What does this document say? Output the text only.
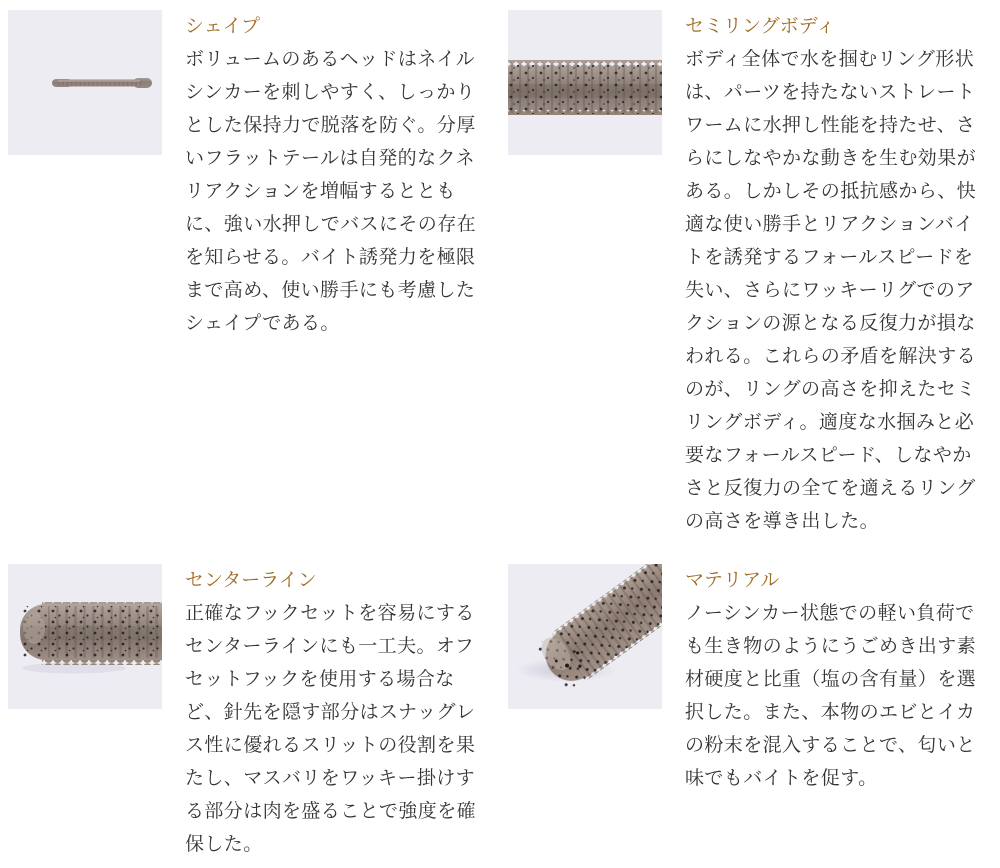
シェイプ

ボリュームのあるヘッドはネイルシンカーを刺しやすく、しっかりとした保持力で脱落を防ぐ。分厚いフラットテールは自発的なクネリアクションを増幅するとともに、強い水押しでバスにその存在を知らせる。バイト誘発力を極限まで高め、使い勝手にも考慮したシェイプである。

セミリングボディ

ボディ全体で水を掴むリング形状は、パーツを持たないストレートワームに水押し性能を持たせ、さらにしなやかな動きを生む効果がある。しかしその抵抗感から、快適な使い勝手とリアクションバイトを誘発するフォールスピードを失い、さらにワッキーリグでのアクションの源となる反復力が損なわれる。これらの矛盾を解決するのが、リングの高さを抑えたセミリングボディ。適度な水掴みと必要なフォールスピード、しなやかさと反復力の全てを適えるリングの高さを導き出した。

センターライン

正確なフックセットを容易にするセンターラインにも一工夫。オフセットフックを使用する場合など、針先を隠す部分はスナッグレス性に優れるスリットの役割を果たし、マスバリをワッキー掛けする部分は肉を盛ることで強度を確保した。

マテリアル

ノーシンカー状態での軽い負荷でも生き物のようにうごめき出す素材硬度と比重（塩の含有量）を選択した。また、本物のエビとイカの粉末を混入することで、匂いと味でもバイトを促す。
